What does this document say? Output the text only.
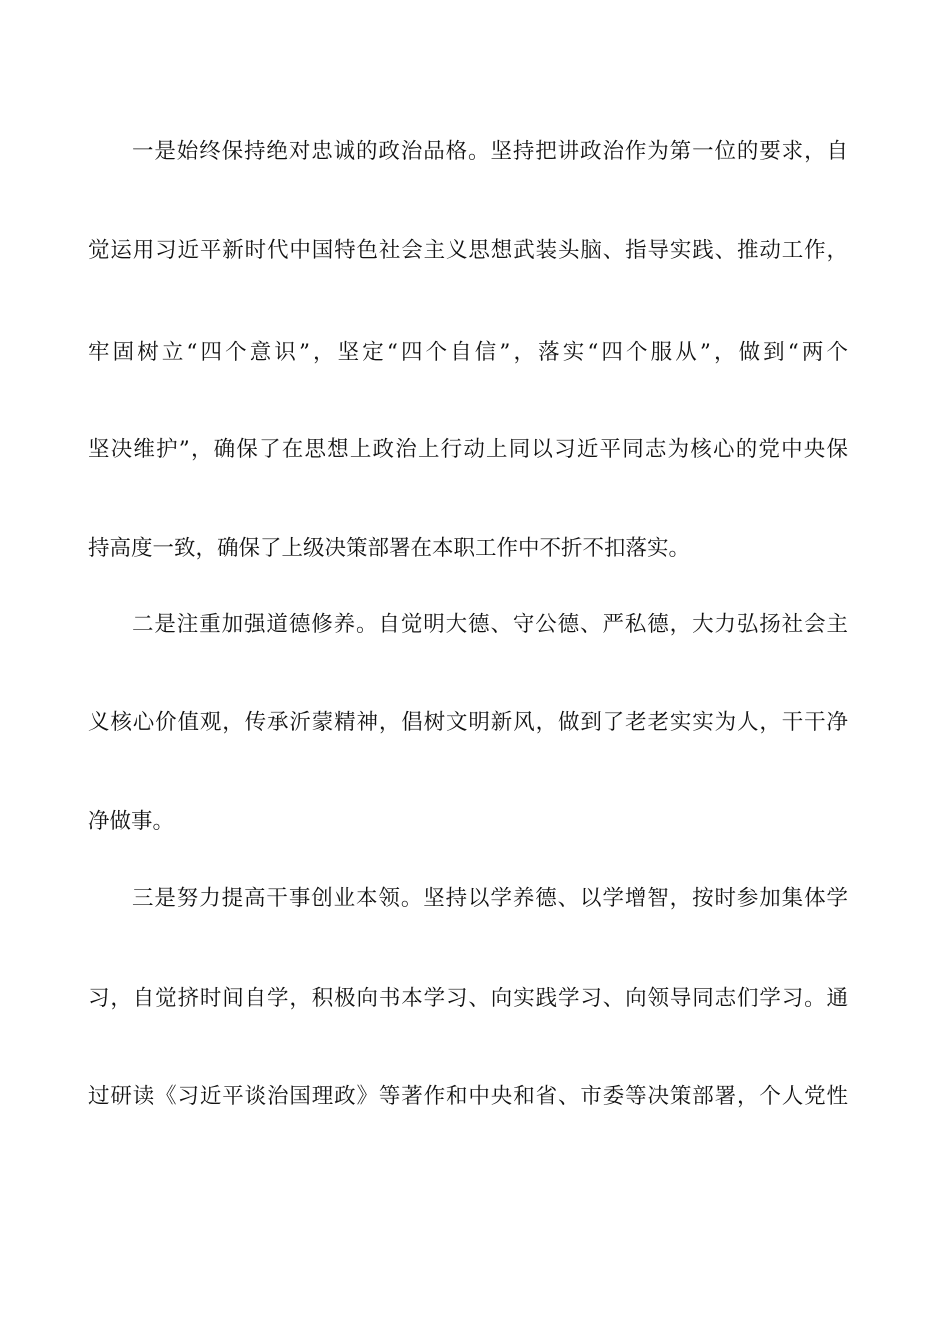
一是始终保持绝对忠诚的政治品格。坚持把讲政治作为第一位的要求，自
觉运用习近平新时代中国特色社会主义思想武装头脑、指导实践、推动工作，
牢固树立“四个意识”，坚定“四个自信”，落实“四个服从”，做到“两个
坚决维护”，确保了在思想上政治上行动上同以习近平同志为核心的党中央保
持高度一致，确保了上级决策部署在本职工作中不折不扣落实。
二是注重加强道德修养。自觉明大德、守公德、严私德，大力弘扬社会主
义核心价值观，传承沂蒙精神，倡树文明新风，做到了老老实实为人，干干净
净做事。
三是努力提高干事创业本领。坚持以学养德、以学增智，按时参加集体学
习，自觉挤时间自学，积极向书本学习、向实践学习、向领导同志们学习。通
过研读《习近平谈治国理政》等著作和中央和省、市委等决策部署，个人党性
